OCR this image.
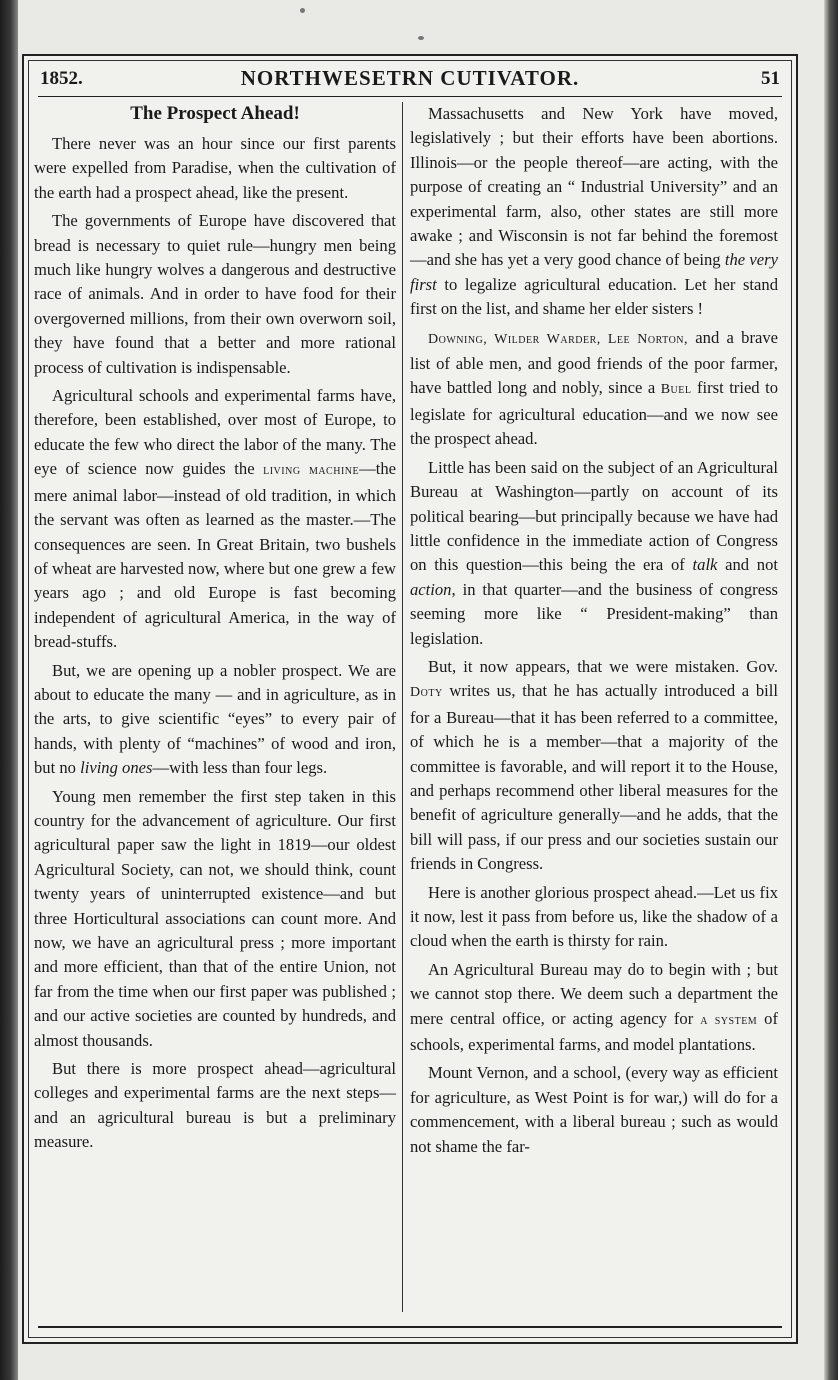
1852.	NORTHWESETRN CUTIVATOR.	51
The Prospect Ahead!

There never was an hour since our first parents were expelled from Paradise, when the cultivation of the earth had a prospect ahead, like the present.

The governments of Europe have discovered that bread is necessary to quiet rule—hungry men being much like hungry wolves a dangerous and destructive race of animals. And in order to have food for their overgoverned millions, from their own overworn soil, they have found that a better and more rational process of cultivation is indispensable.

Agricultural schools and experimental farms have, therefore, been established, over most of Europe, to educate the few who direct the labor of the many. The eye of science now guides the living machine—the mere animal labor—instead of old tradition, in which the servant was often as learned as the master.—The consequences are seen. In Great Britain, two bushels of wheat are harvested now, where but one grew a few years ago ; and old Europe is fast becoming independent of agricultural America, in the way of bread-stuffs.

But, we are opening up a nobler prospect. We are about to educate the many — and in agriculture, as in the arts, to give scientific “eyes” to every pair of hands, with plenty of “machines” of wood and iron, but no living ones—with less than four legs.

Young men remember the first step taken in this country for the advancement of agriculture. Our first agricultural paper saw the light in 1819—our oldest Agricultural Society, can not, we should think, count twenty years of uninterrupted existence—and but three Horticultural associations can count more. And now, we have an agricultural press ; more important and more efficient, than that of the entire Union, not far from the time when our first paper was published ; and our active societies are counted by hundreds, and almost thousands.

But there is more prospect ahead—agricultural colleges and experimental farms are the next steps—and an agricultural bureau is but a preliminary measure.

Massachusetts and New York have moved, legislatively ; but their efforts have been abortions. Illinois—or the people thereof—are acting, with the purpose of creating an “ Industrial University” and an experimental farm, also, other states are still more awake ; and Wisconsin is not far behind the foremost—and she has yet a very good chance of being the very first to legalize agricultural education. Let her stand first on the list, and shame her elder sisters !

Downing, Wilder Warder, Lee Norton, and a brave list of able men, and good friends of the poor farmer, have battled long and nobly, since a Buel first tried to legislate for agricultural education—and we now see the prospect ahead.

Little has been said on the subject of an Agricultural Bureau at Washington—partly on account of its political bearing—but principally because we have had little confidence in the immediate action of Congress on this question—this being the era of talk and not action, in that quarter—and the business of congress seeming more like “ President-making” than legislation.

But, it now appears, that we were mistaken. Gov. Doty writes us, that he has actually introduced a bill for a Bureau—that it has been referred to a committee, of which he is a member—that a majority of the committee is favorable, and will report it to the House, and perhaps recommend other liberal measures for the benefit of agriculture generally—and he adds, that the bill will pass, if our press and our societies sustain our friends in Congress.

Here is another glorious prospect ahead.—Let us fix it now, lest it pass from before us, like the shadow of a cloud when the earth is thirsty for rain.

An Agricultural Bureau may do to begin with ; but we cannot stop there. We deem such a department the mere central office, or acting agency for a system of schools, experimental farms, and model plantations.

Mount Vernon, and a school, (every way as efficient for agriculture, as West Point is for war,) will do for a commencement, with a liberal bureau ; such as would not shame the far-
